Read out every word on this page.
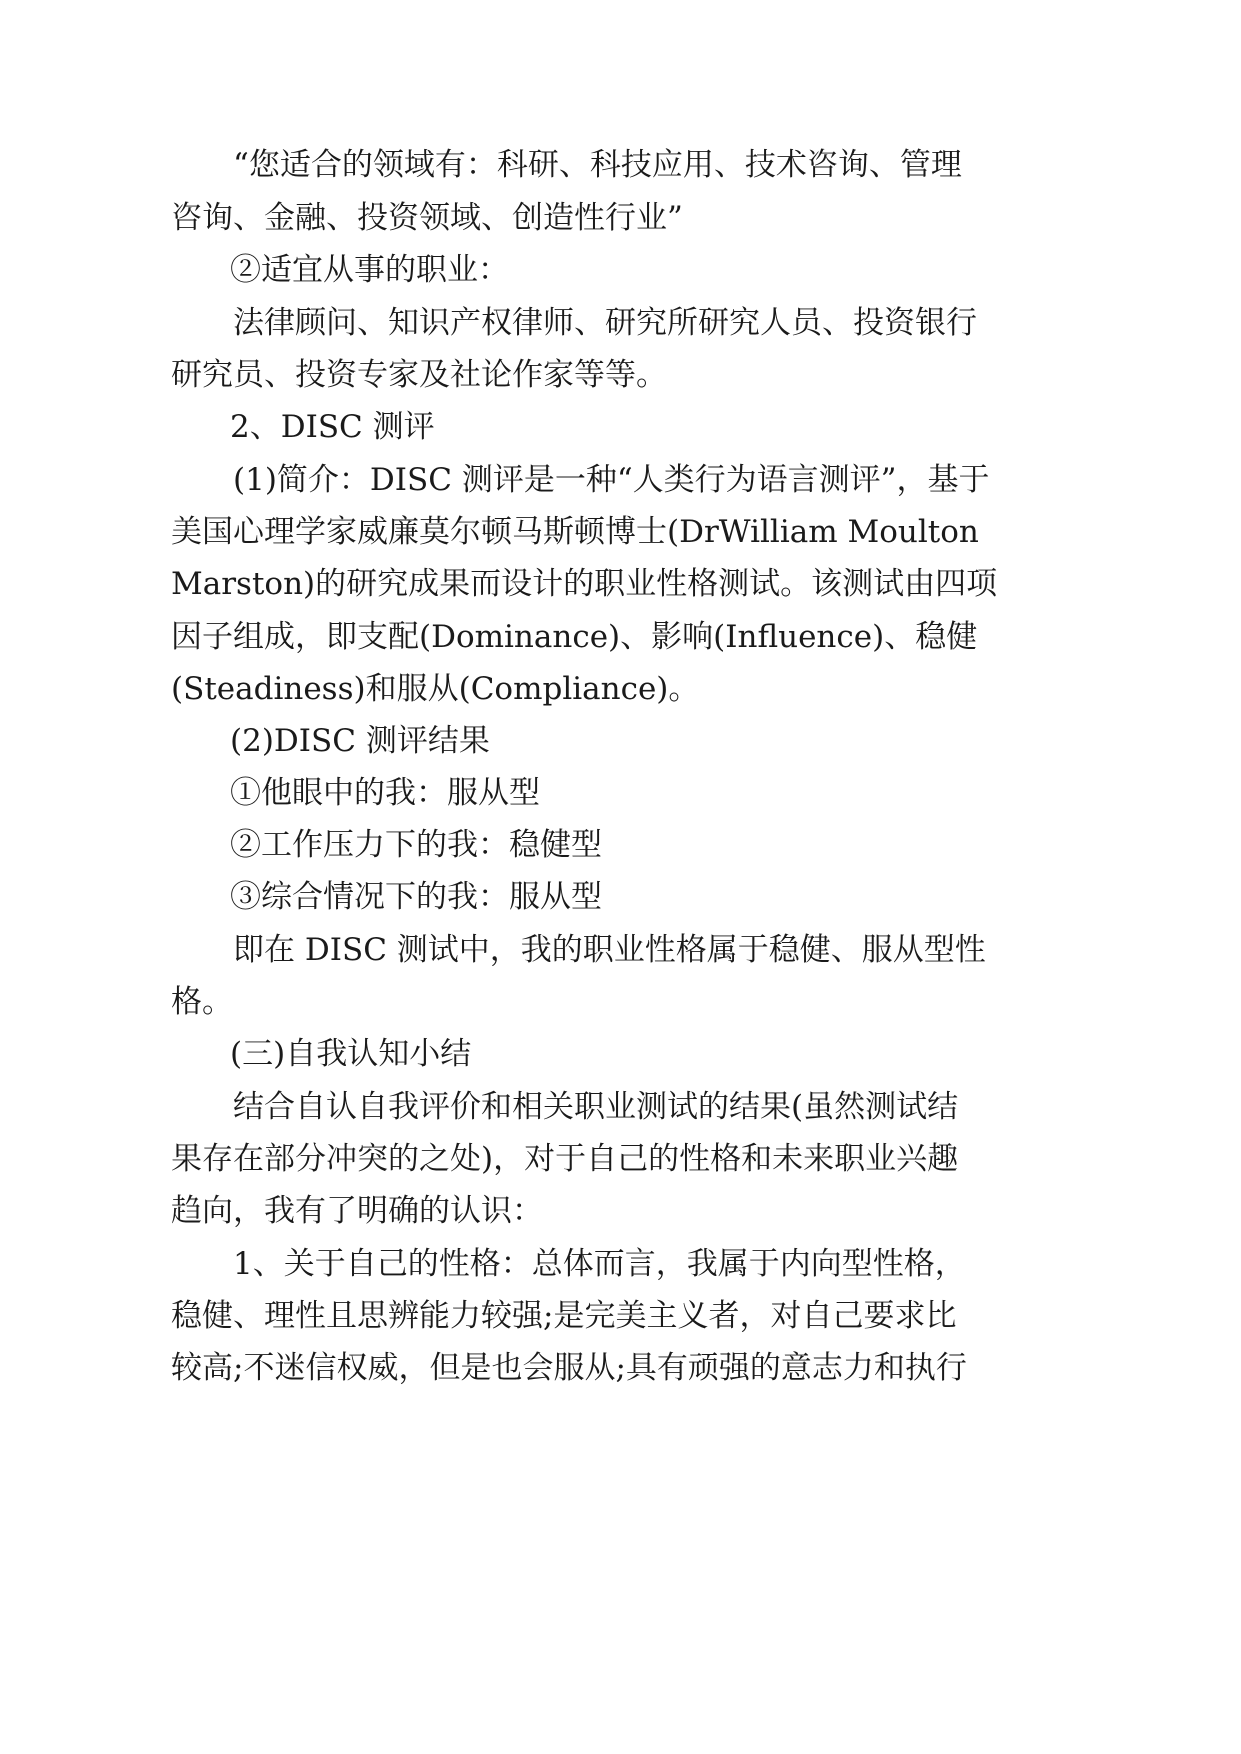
“您适合的领域有：科研、科技应用、技术咨询、管理

咨询、金融、投资领域、创造性行业”

②适宜从事的职业：

法律顾问、知识产权律师、研究所研究人员、投资银行

研究员、投资专家及社论作家等等。

2、DISC 测评

(1)简介：DISC 测评是一种“人类行为语言测评”，基于

美国心理学家威廉莫尔顿马斯顿博士(DrWilliam Moulton

Marston)的研究成果而设计的职业性格测试。该测试由四项

因子组成，即支配(Dominance)、影响(Influence)、稳健

(Steadiness)和服从(Compliance)。

(2)DISC 测评结果

①他眼中的我：服从型

②工作压力下的我：稳健型

③综合情况下的我：服从型

即在 DISC 测试中，我的职业性格属于稳健、服从型性

格。

(三)自我认知小结

结合自认自我评价和相关职业测试的结果(虽然测试结

果存在部分冲突的之处)，对于自己的性格和未来职业兴趣

趋向，我有了明确的认识：

1、关于自己的性格：总体而言，我属于内向型性格，

稳健、理性且思辨能力较强;是完美主义者，对自己要求比

较高;不迷信权威，但是也会服从;具有顽强的意志力和执行
